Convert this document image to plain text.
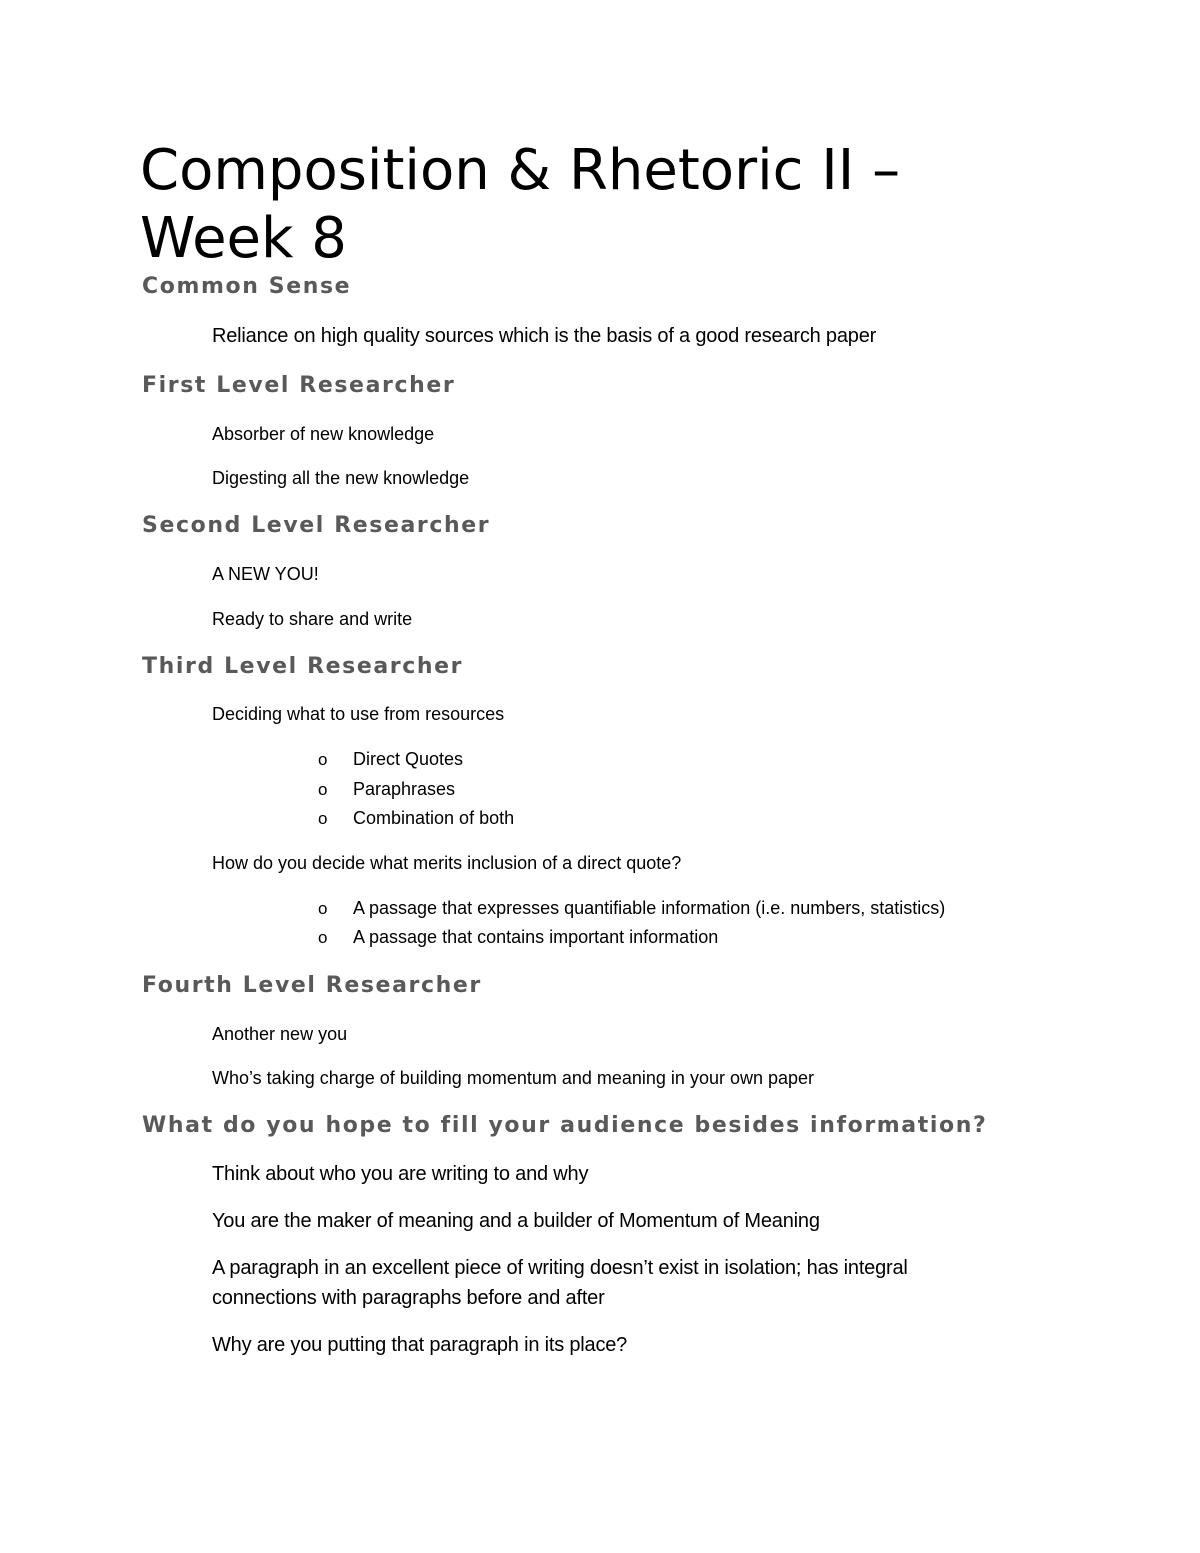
Composition & Rhetoric II – Week 8
Common Sense

Reliance on high quality sources which is the basis of a good research paper

First Level Researcher

Absorber of new knowledge

Digesting all the new knowledge

Second Level Researcher

A NEW YOU!

Ready to share and write

Third Level Researcher

Deciding what to use from resources

o Direct Quotes
o Paraphrases
o Combination of both

How do you decide what merits inclusion of a direct quote?

o A passage that expresses quantifiable information (i.e. numbers, statistics)
o A passage that contains important information
Fourth Level Researcher

Another new you

Who’s taking charge of building momentum and meaning in your own paper

What do you hope to fill your audience besides information?

Think about who you are writing to and why

You are the maker of meaning and a builder of Momentum of Meaning

A paragraph in an excellent piece of writing doesn’t exist in isolation; has integral connections with paragraphs before and after

Why are you putting that paragraph in its place?
